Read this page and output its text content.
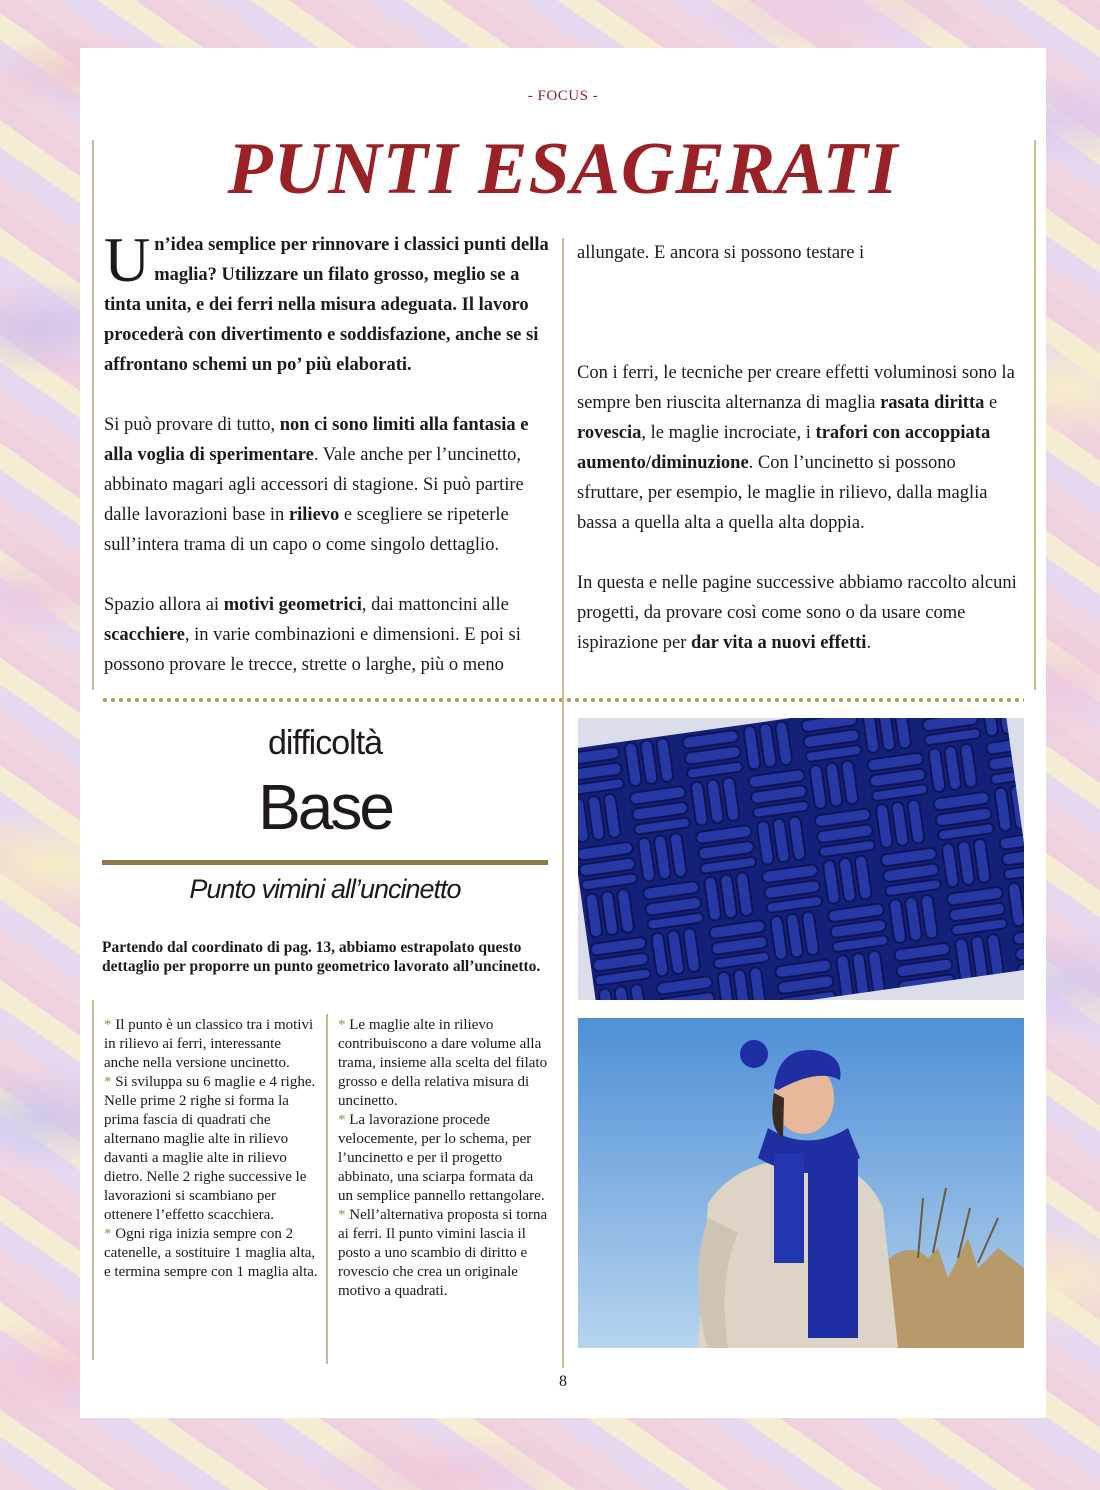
- FOCUS -
PUNTI ESAGERATI

Un’idea semplice per rinnovare i classici punti della maglia? Utilizzare un filato grosso, meglio se a tinta unita, e dei ferri nella misura adeguata. Il lavoro procederà con divertimento e soddisfazione, anche se si affrontano schemi un po’ più elaborati.

Si può provare di tutto, non ci sono limiti alla fantasia e alla voglia di sperimentare. Vale anche per l’uncinetto, abbinato magari agli accessori di stagione. Si può partire dalle lavorazioni base in rilievo e scegliere se ripeterle sull’intera trama di un capo o come singolo dettaglio.

Spazio allora ai motivi geometrici, dai mattoncini alle scacchiere, in varie combinazioni e dimensioni. E poi si possono provare le trecce, strette o larghe, più o meno

allungate. E ancora si possono testare i

Con i ferri, le tecniche per creare effetti voluminosi sono la sempre ben riuscita alternanza di maglia rasata diritta e rovescia, le maglie incrociate, i trafori con accoppiata aumento/diminuzione. Con l’uncinetto si possono sfruttare, per esempio, le maglie in rilievo, dalla maglia bassa a quella alta a quella alta doppia.

In questa e nelle pagine successive abbiamo raccolto alcuni progetti, da provare così come sono o da usare come ispirazione per dar vita a nuovi effetti.

difficoltà
Base
Punto vimini all’uncinetto
Partendo dal coordinato di pag. 13, abbiamo estrapolato questo dettaglio per proporre un punto geometrico lavorato all’uncinetto.

* Il punto è un classico tra i motivi in rilievo ai ferri, interessante anche nella versione uncinetto.

* Si sviluppa su 6 maglie e 4 righe. Nelle prime 2 righe si forma la prima fascia di quadrati che alternano maglie alte in rilievo davanti a maglie alte in rilievo dietro. Nelle 2 righe successive le lavorazioni si scambiano per ottenere l’effetto scacchiera.

* Ogni riga inizia sempre con 2 catenelle, a sostituire 1 maglia alta, e termina sempre con 1 maglia alta.

* Le maglie alte in rilievo contribuiscono a dare volume alla trama, insieme alla scelta del filato grosso e della relativa misura di uncinetto.

* La lavorazione procede velocemente, per lo schema, per l’uncinetto e per il progetto abbinato, una sciarpa formata da un semplice pannello rettangolare.

* Nell’alternativa proposta si torna ai ferri. Il punto vimini lascia il posto a uno scambio di diritto e rovescio che crea un originale motivo a quadrati.

8
